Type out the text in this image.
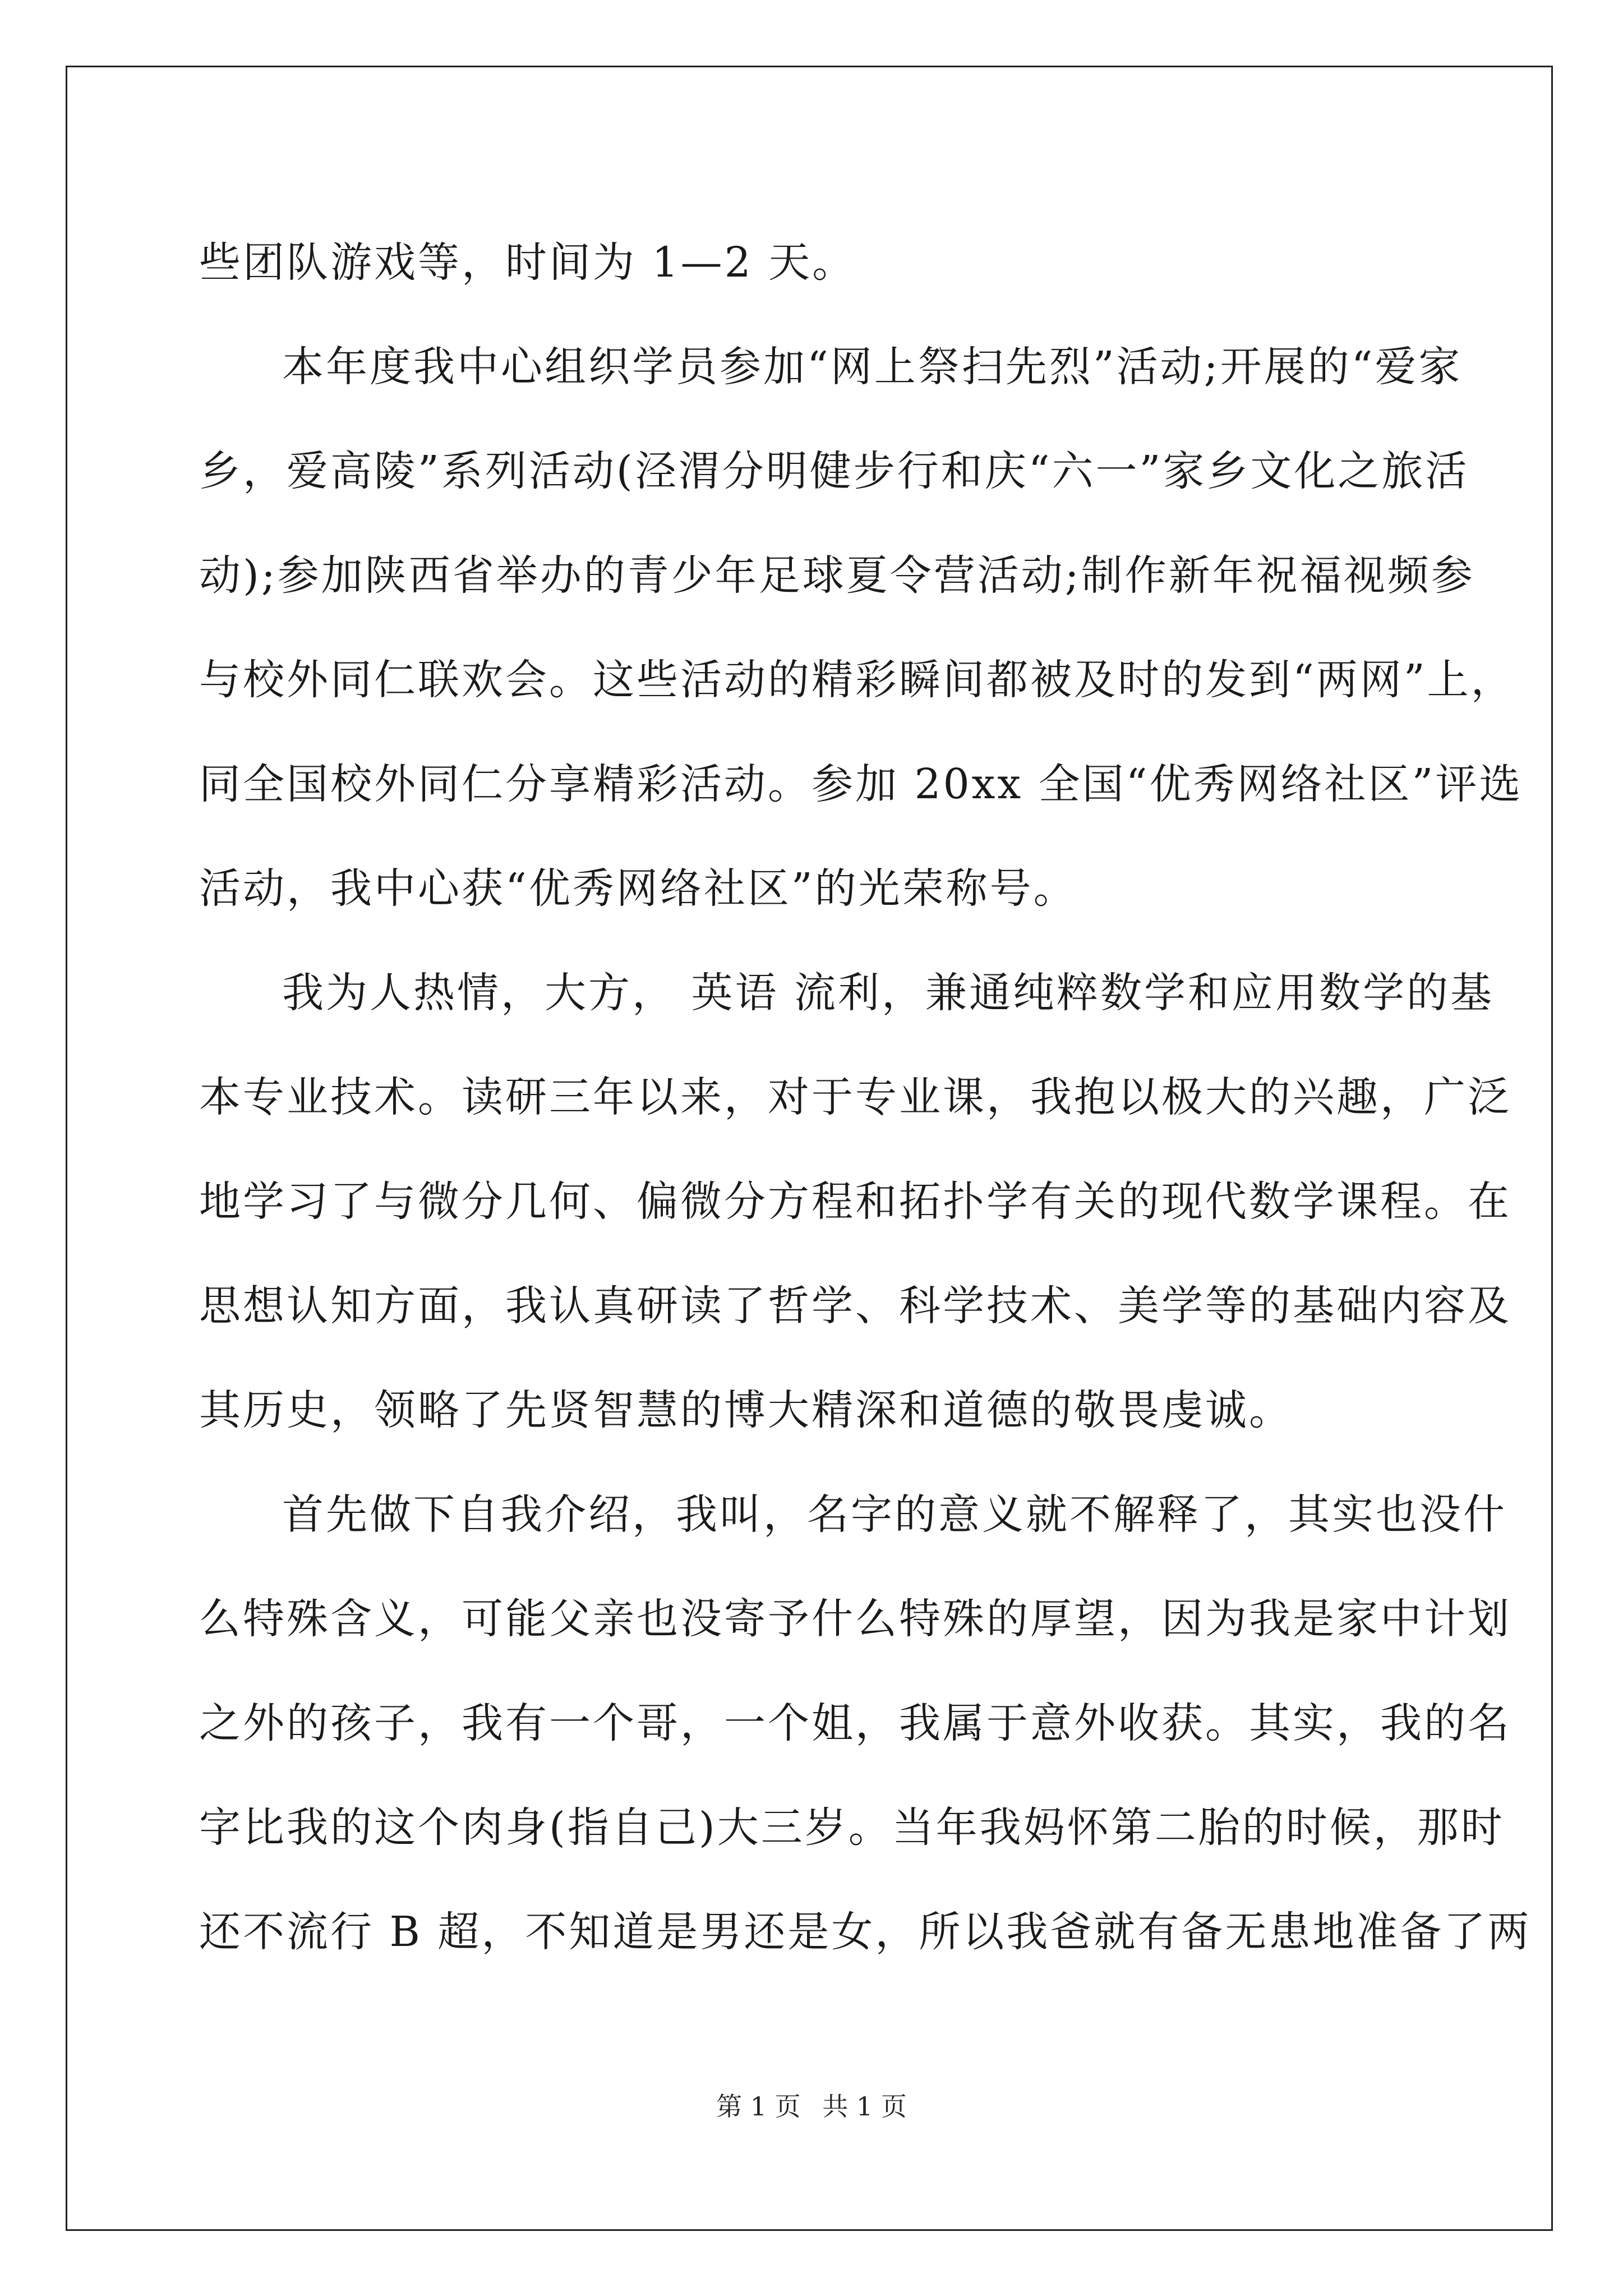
些团队游戏等，时间为 1—2 天。
本年度我中心组织学员参加“网上祭扫先烈”活动;开展的“爱家
乡，爱高陵”系列活动(泾渭分明健步行和庆“六一”家乡文化之旅活
动);参加陕西省举办的青少年足球夏令营活动;制作新年祝福视频参
与校外同仁联欢会。这些活动的精彩瞬间都被及时的发到“两网”上，
同全国校外同仁分享精彩活动。参加 20xx 全国“优秀网络社区”评选
活动，我中心获“优秀网络社区”的光荣称号。
我为人热情，大方， 英语 流利，兼通纯粹数学和应用数学的基
本专业技术。读研三年以来，对于专业课，我抱以极大的兴趣，广泛
地学习了与微分几何、偏微分方程和拓扑学有关的现代数学课程。在
思想认知方面，我认真研读了哲学、科学技术、美学等的基础内容及
其历史，领略了先贤智慧的博大精深和道德的敬畏虔诚。
首先做下自我介绍，我叫，名字的意义就不解释了，其实也没什
么特殊含义，可能父亲也没寄予什么特殊的厚望，因为我是家中计划
之外的孩子，我有一个哥，一个姐，我属于意外收获。其实，我的名
字比我的这个肉身(指自己)大三岁。当年我妈怀第二胎的时候，那时
还不流行 B 超，不知道是男还是女，所以我爸就有备无患地准备了两
第 1 页 共 1 页
